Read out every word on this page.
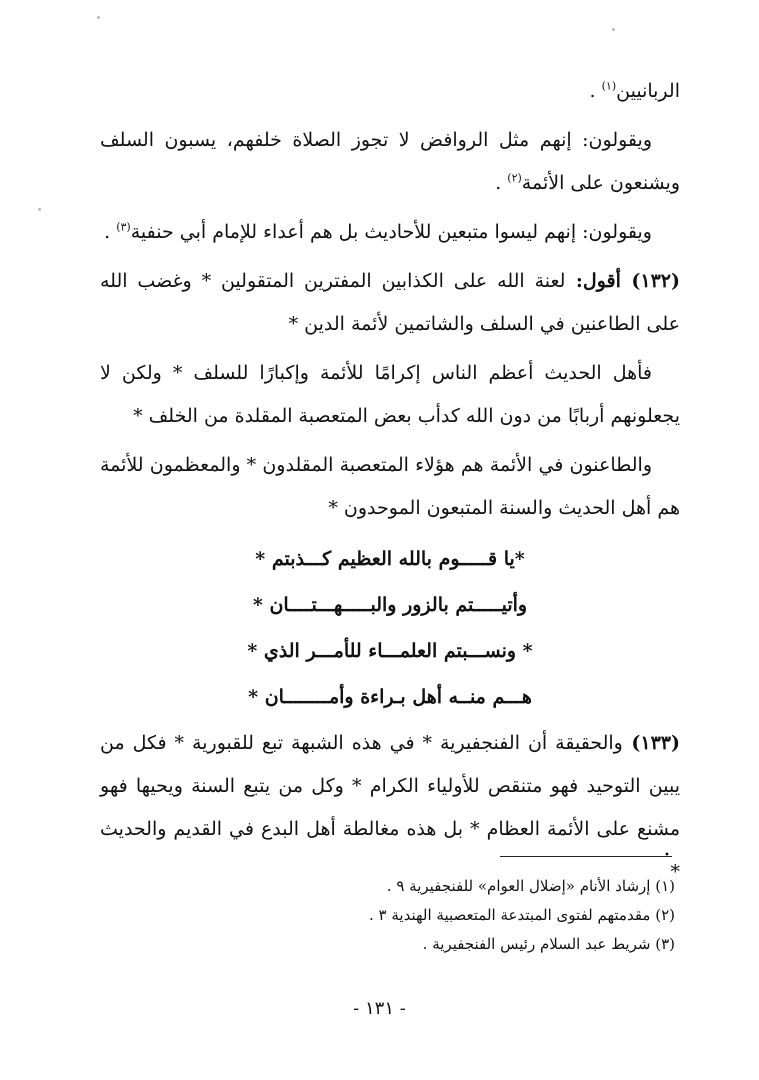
الربانيين$^{(١)}$ .

ويقولون: إنهم مثل الروافض لا تجوز الصلاة خلفهم، يسبون السلف ويشنعون على الأئمة$^{(٢)}$ .

ويقولون: إنهم ليسوا متبعين للأحاديث بل هم أعداء للإمام أبي حنفية$^{(٣)}$ .

(١٣٢) أقول: لعنة الله على الكذابين المفترين المتقولين * وغضب الله على الطاعنين في السلف والشاتمين لأئمة الدين *

فأهل الحديث أعظم الناس إكرامًا للأئمة وإكبارًا للسلف * ولكن لا يجعلونهم أربابًا من دون الله كدأب بعض المتعصبة المقلدة من الخلف *

والطاعنون في الأئمة هم هؤلاء المتعصبة المقلدون * والمعظمون للأئمة هم أهل الحديث والسنة المتبعون الموحدون *

*يا قـــــوم بالله العظيم كـــذبتم *
وأتيـــــتم بالزور والبـــــهـــتــــان *
* ونســـبتم العلمـــاء للأمـــر الذي *
هـــم منــه أهل بـراءة وأمــــــــان *

(١٣٣) والحقيقة أن الفنجفيرية * في هذه الشبهة تبع للقبورية * فكل من يبين التوحيد فهو متنقص للأولياء الكرام * وكل من يتبع السنة ويحيها فهو مشنع على الأئمة العظام * بل هذه مغالطة أهل البدع في القديم والحديث *

•
(١) إرشاد الأنام «إضلال العوام» للفنجفيرية ٩ .
(٢) مقدمتهم لفتوى المبتدعة المتعصبية الهندية ٣ .
(٣) شريط عبد السلام رئيس الفنجفيرية .
- ١٣١ -
